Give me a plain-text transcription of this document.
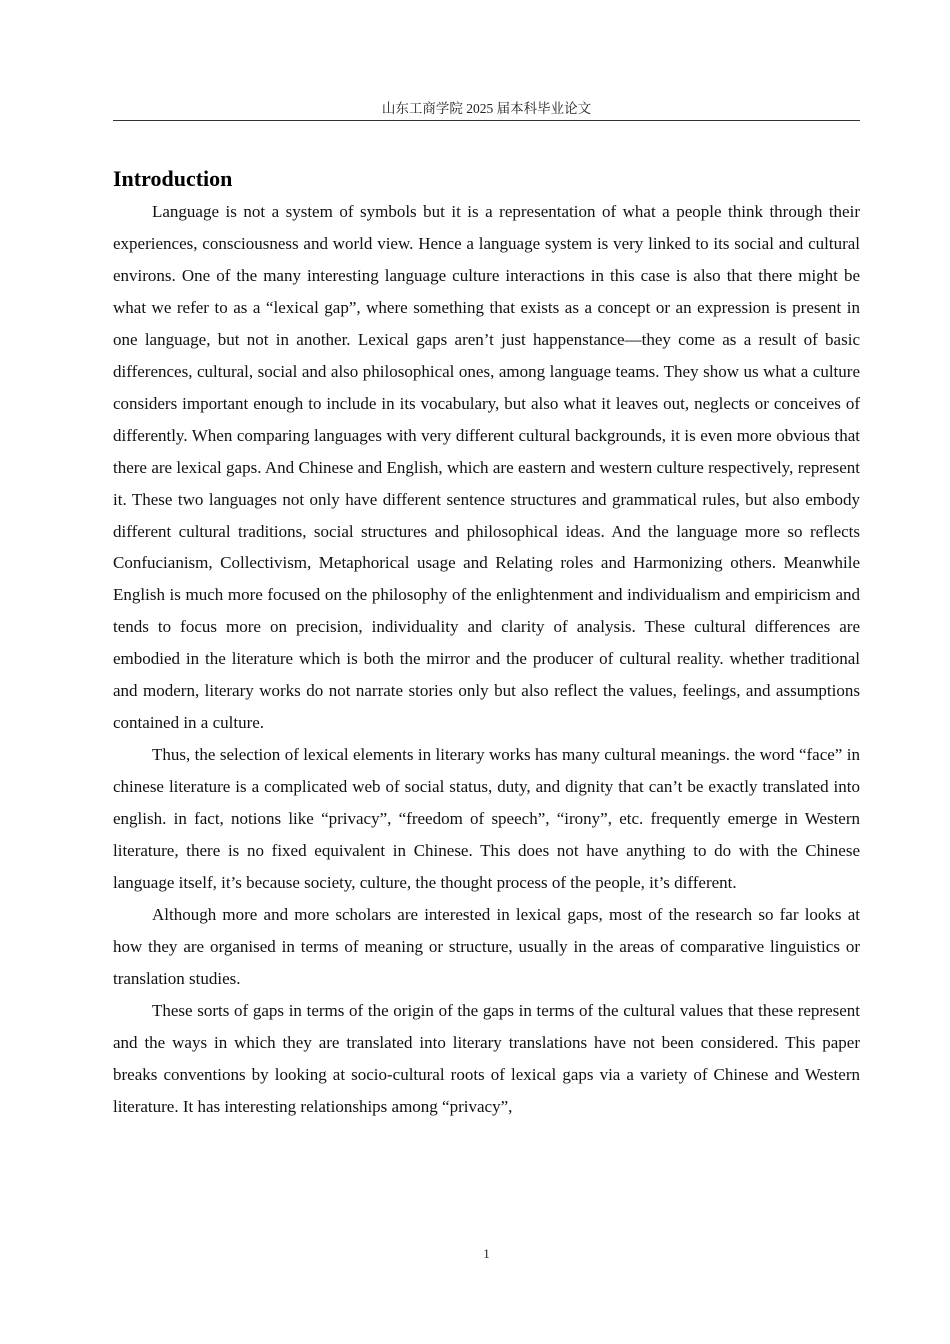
山东工商学院 2025 届本科毕业论文
Introduction

Language is not a system of symbols but it is a representation of what a people think through their experiences, consciousness and world view. Hence a language system is very linked to its social and cultural environs. One of the many interesting language culture interactions in this case is also that there might be what we refer to as a “lexical gap”, where something that exists as a concept or an expression is present in one language, but not in another. Lexical gaps aren’t just happenstance—they come as a result of basic differences, cultural, social and also philosophical ones, among language teams. They show us what a culture considers important enough to include in its vocabulary, but also what it leaves out, neglects or conceives of differently. When comparing languages with very different cultural backgrounds, it is even more obvious that there are lexical gaps. And Chinese and English, which are eastern and western culture respectively, represent it. These two languages not only have different sentence structures and grammatical rules, but also embody different cultural traditions, social structures and philosophical ideas. And the language more so reflects Confucianism, Collectivism, Metaphorical usage and Relating roles and Harmonizing others. Meanwhile English is much more focused on the philosophy of the enlightenment and individualism and empiricism and tends to focus more on precision, individuality and clarity of analysis. These cultural differences are embodied in the literature which is both the mirror and the producer of cultural reality. whether traditional and modern, literary works do not narrate stories only but also reflect the values, feelings, and assumptions contained in a culture.

Thus, the selection of lexical elements in literary works has many cultural meanings. the word “face” in chinese literature is a complicated web of social status, duty, and dignity that can’t be exactly translated into english. in fact, notions like “privacy”, “freedom of speech”, “irony”, etc. frequently emerge in Western literature, there is no fixed equivalent in Chinese. This does not have anything to do with the Chinese language itself, it’s because society, culture, the thought process of the people, it’s different.

Although more and more scholars are interested in lexical gaps, most of the research so far looks at how they are organised in terms of meaning or structure, usually in the areas of comparative linguistics or translation studies.

These sorts of gaps in terms of the origin of the gaps in terms of the cultural values that these represent and the ways in which they are translated into literary translations have not been considered. This paper breaks conventions by looking at socio-cultural roots of lexical gaps via a variety of Chinese and Western literature. It has interesting relationships among “privacy”,

1
